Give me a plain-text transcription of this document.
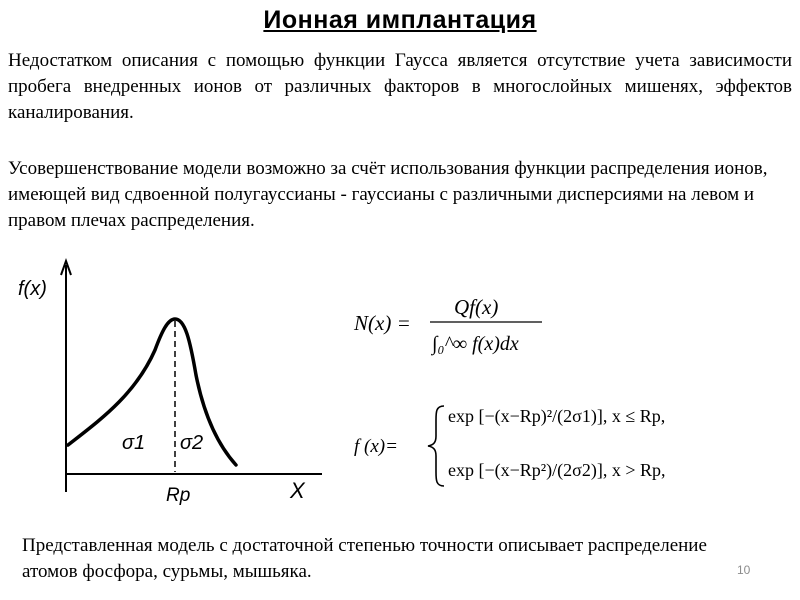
Ионная имплантация
Недостатком описания с помощью функции Гаусса является отсутствие учета зависимости пробега внедренных ионов от различных факторов в многослойных мишенях, эффектов каналирования.
Усовершенствование модели возможно за счёт использования функции распределения ионов, имеющей вид сдвоенной полугауссианы - гауссианы с различными дисперсиями на левом и правом плечах распределения.
f(x)
X
Rp
σ1 σ2
N(x) =
Qf(x)
∫₀^∞ f(x)dx
f (x)=
exp [−(x−Rp)²/(2σ1)], x ≤ Rp,
exp [−(x−Rp²)/(2σ2)], x > Rp,
Представленная модель с достаточной степенью точности описывает распределение атомов фосфора, сурьмы, мышьяка.	10
